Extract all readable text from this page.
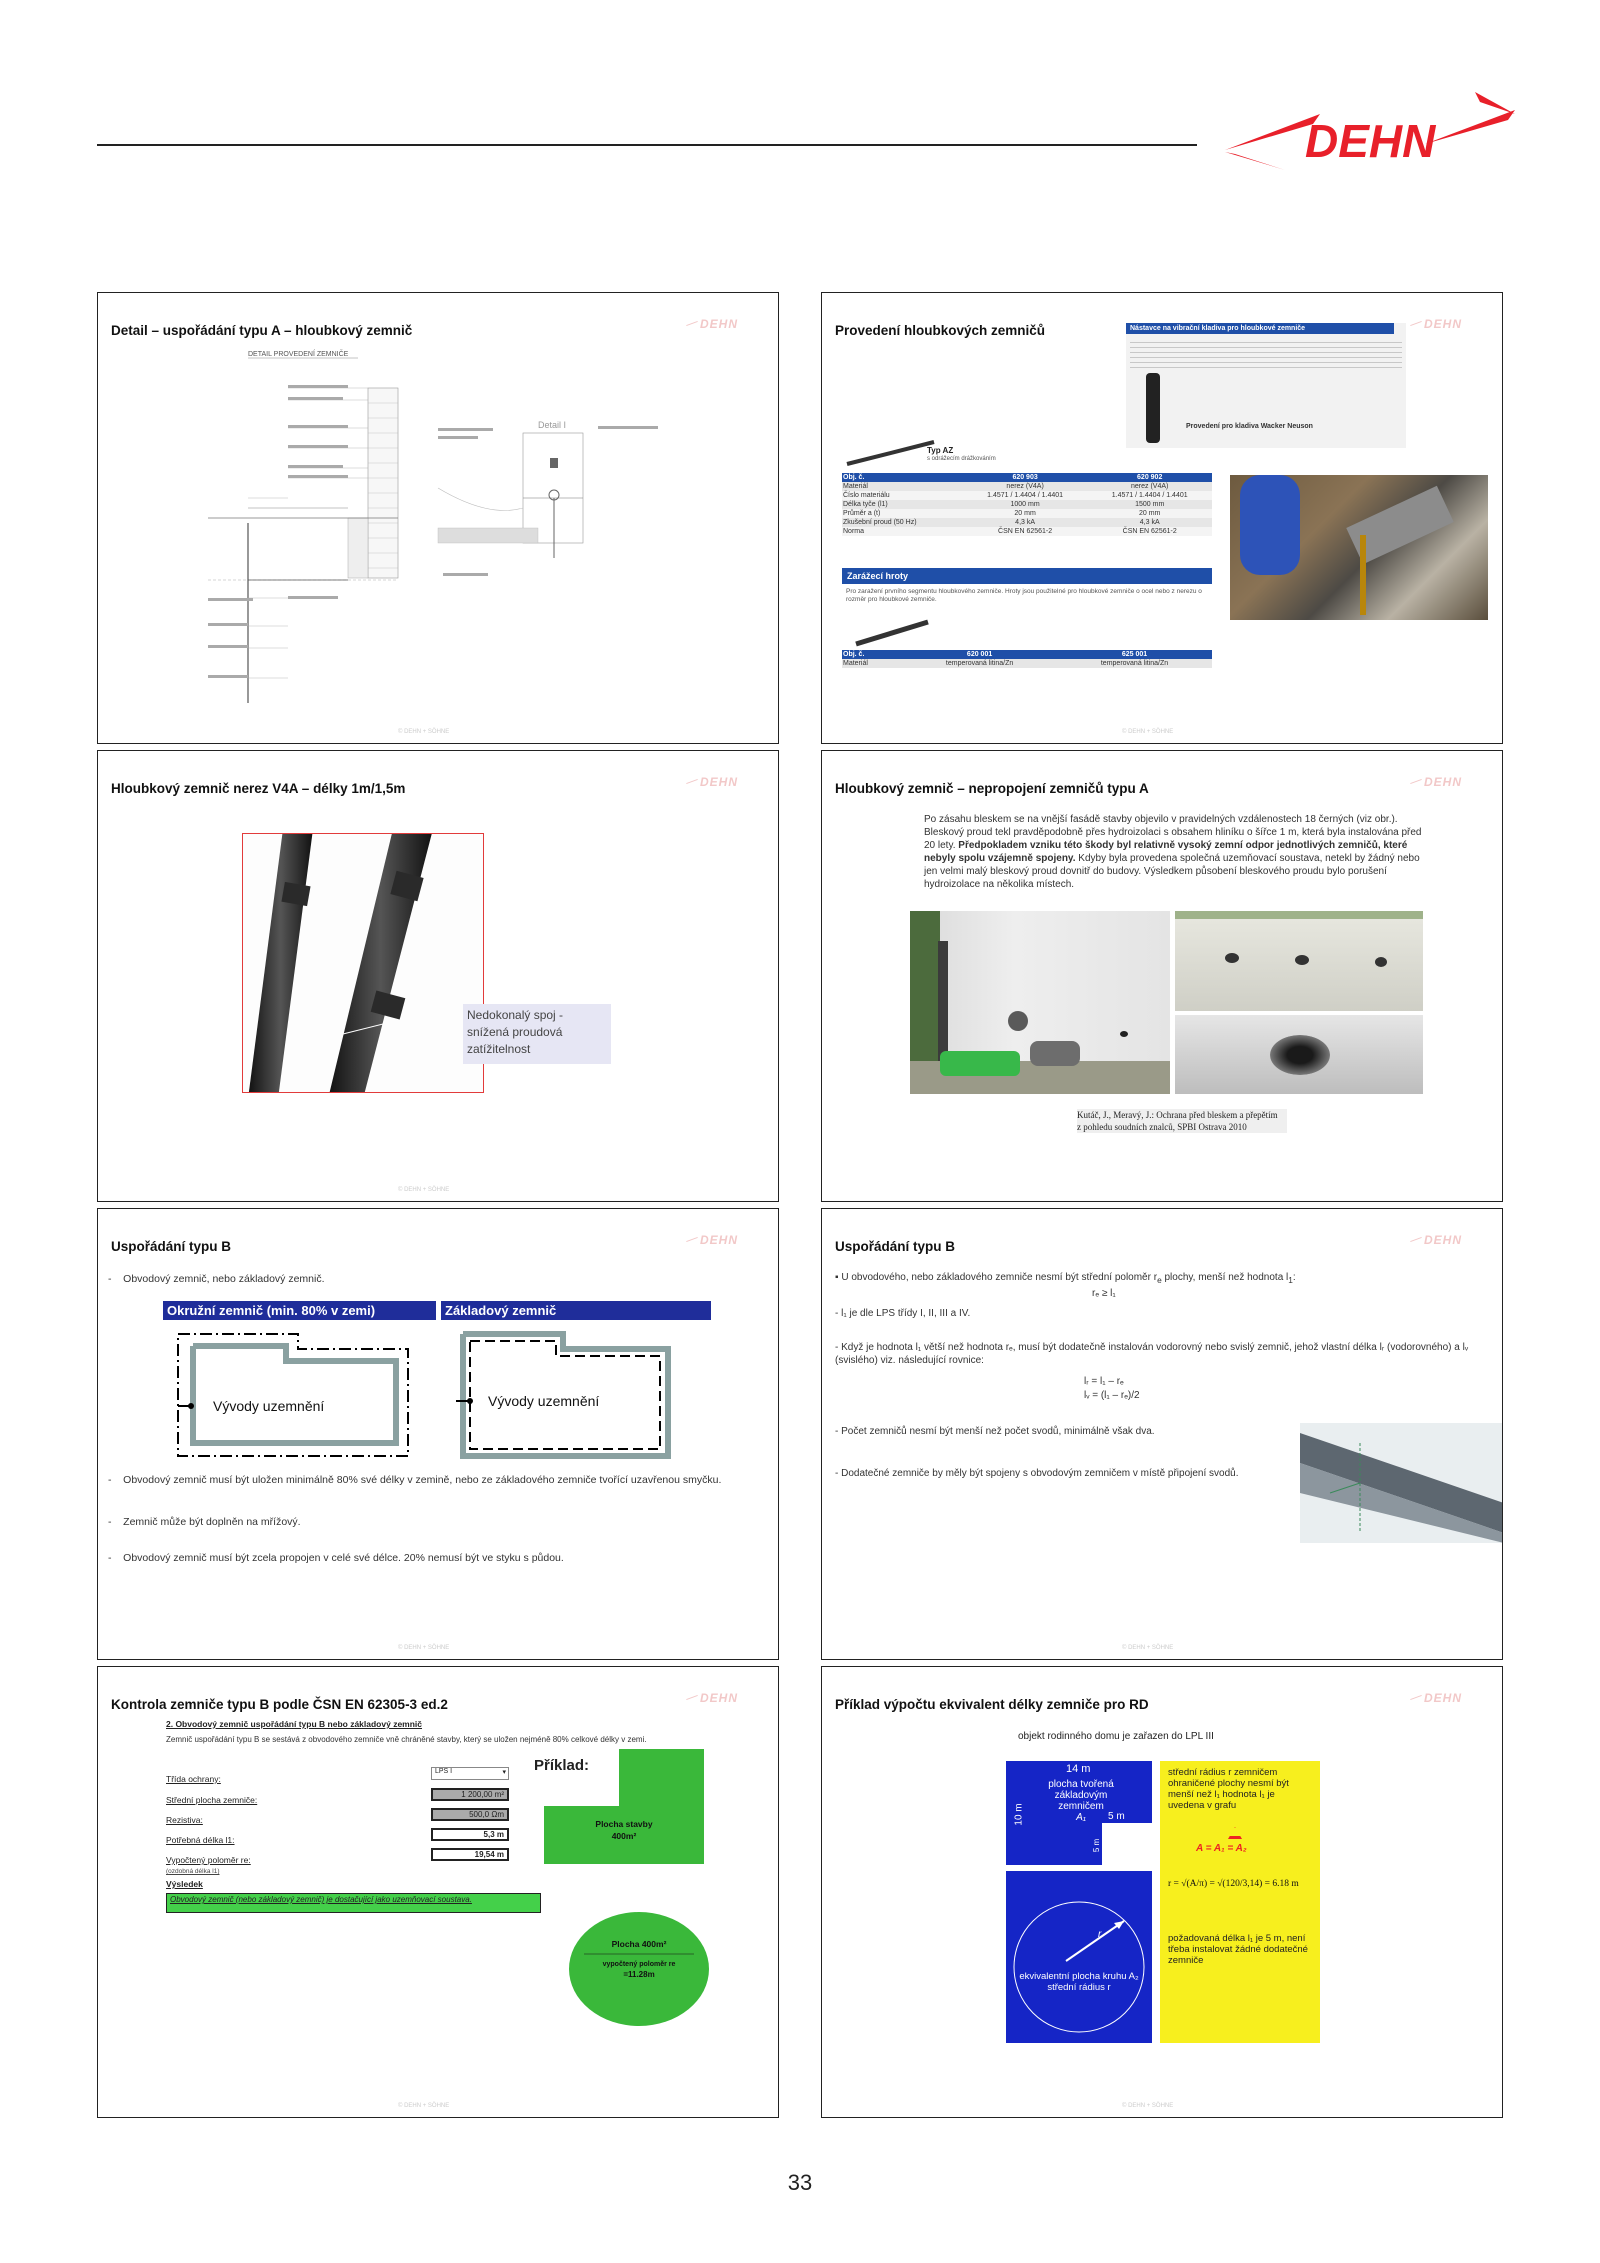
DEHN
Detail – uspořádání typu A – hloubkový zemnič	DEHN
DETAIL PROVEDENÍ ZEMNIČE
Detail I
© DEHN + SÖHNE
Provedení hloubkových zemničů	DEHN
Nástavce na vibrační kladiva pro hloubkové zemniče
Provedení pro kladiva Wacker Neuson
Typ AZ
s odrážecím drážkováním
Obj. č.	620 903	620 902
Materiál	nerez (V4A)	nerez (V4A)
Číslo materiálu	1.4571 / 1.4404 / 1.4401	1.4571 / 1.4404 / 1.4401
Délka tyče (l1)	1000 mm	1500 mm
Průměr a (t)	20 mm	20 mm
Zkušební proud (50 Hz)	4,3 kA	4,3 kA
Norma	ČSN EN 62561-2	ČSN EN 62561-2
Zarážecí hroty
Pro zaražení prvního segmentu hloubkového zemniče. Hroty jsou použitelné pro hloubkové zemniče o ocel nebo z nerezu o rozměr pro hloubkové zemniče.
Obj. č.	620 001	625 001
Materiál	temperovaná litina/Zn	temperovaná litina/Zn
© DEHN + SÖHNE
Hloubkový zemnič nerez V4A – délky 1m/1,5m	DEHN
Nedokonalý spoj - snížená proudová zatížitelnost
© DEHN + SÖHNE
Hloubkový zemnič – nepropojení zemničů typu A	DEHN
Po zásahu bleskem se na vnější fasádě stavby objevilo v pravidelných vzdálenostech 18 černých (viz obr.). Bleskový proud tekl pravděpodobně přes hydroizolaci s obsahem hliníku o šířce 1 m, která byla instalována před 20 lety. Předpokladem vzniku této škody byl relativně vysoký zemní odpor jednotlivých zemničů, které nebyly spolu vzájemně spojeny. Kdyby byla provedena společná uzemňovací soustava, netekl by žádný nebo jen velmi malý bleskový proud dovnitř do budovy. Výsledkem působení bleskového proudu bylo porušení hydroizolace na několika místech.
Kutáč, J., Meravý, J.: Ochrana před bleskem a přepětím
z pohledu soudních znalců, SPBI Ostrava 2010
Uspořádání typu B	DEHN
-    Obvodový zemnič, nebo základový zemnič.
Okružní zemnič (min. 80% v zemi)	Základový zemnič
Vývody uzemnění	Vývody uzemnění
-    Obvodový zemnič musí být uložen minimálně 80% své délky v zemině, nebo ze základového zemniče tvořící uzavřenou smyčku.
-    Zemnič může být doplněn na mřížový.
-    Obvodový zemnič musí být zcela propojen v celé své délce. 20% nemusí být ve styku s půdou.
© DEHN + SÖHNE
Uspořádání typu B	DEHN
▪ U obvodového, nebo základového zemniče nesmí být střední poloměr $r_e$ plochy, menší než hodnota $l_1$:
rₑ ≥ l₁
- l₁ je dle LPS třídy I, II, III a IV.
- Když je hodnota l₁ větší než hodnota rₑ, musí být dodatečně instalován vodorovný nebo svislý zemnič, jehož vlastní délka lᵣ (vodorovného) a lᵥ (svislého) viz. následující rovnice:
lᵣ = l₁ – rₑ
lᵥ = (l₁ – rₑ)/2
- Počet zemničů nesmí být menší než počet svodů, minimálně však dva.
- Dodatečné zemniče by měly být spojeny s obvodovým zemničem v místě připojení svodů.
© DEHN + SÖHNE
Kontrola zemniče typu B podle ČSN EN 62305-3 ed.2	DEHN
2. Obvodový zemnič uspořádání typu B nebo základový zemnič
Zemnič uspořádání typu B se sestává z obvodového zemniče vně chráněné stavby, který se uložen nejméně 80% celkové délky v zemi.
Třída ochrany:
LPS I	▾
Střední plocha zemniče:
1 200,00 m²
Rezistiva:
500,0 Ωm
Potřebná délka l1:
5,3 m
Vypočtený poloměr re:
19,54 m
(ozdobná délka l1)
Výsledek
Obvodový zemnič (nebo základový zemnič) je dostačující jako uzemňovací soustava.
Příklad:
Plocha stavby
400m²
Plocha 400m²
vypočtený poloměr re
=11.28m
© DEHN + SÖHNE
Příklad výpočtu ekvivalent délky zemniče pro RD	DEHN
objekt rodinného domu je zařazen do LPL III
14 m
10 m
plocha tvořená základovým zemničem
A₁	5 m
5 m
r
ekvivalentní plocha kruhu A₂ střední rádius r
střední rádius r zemničem ohraničené plochy nesmí být menší než l₁ hodnota l₁ je uvedena v grafu
A = A₁ = A₂
r = √(A/π) = √(120/3,14) = 6.18 m
požadovaná délka l₁ je 5 m, není třeba instalovat žádné dodatečné zemniče
© DEHN + SÖHNE
33
